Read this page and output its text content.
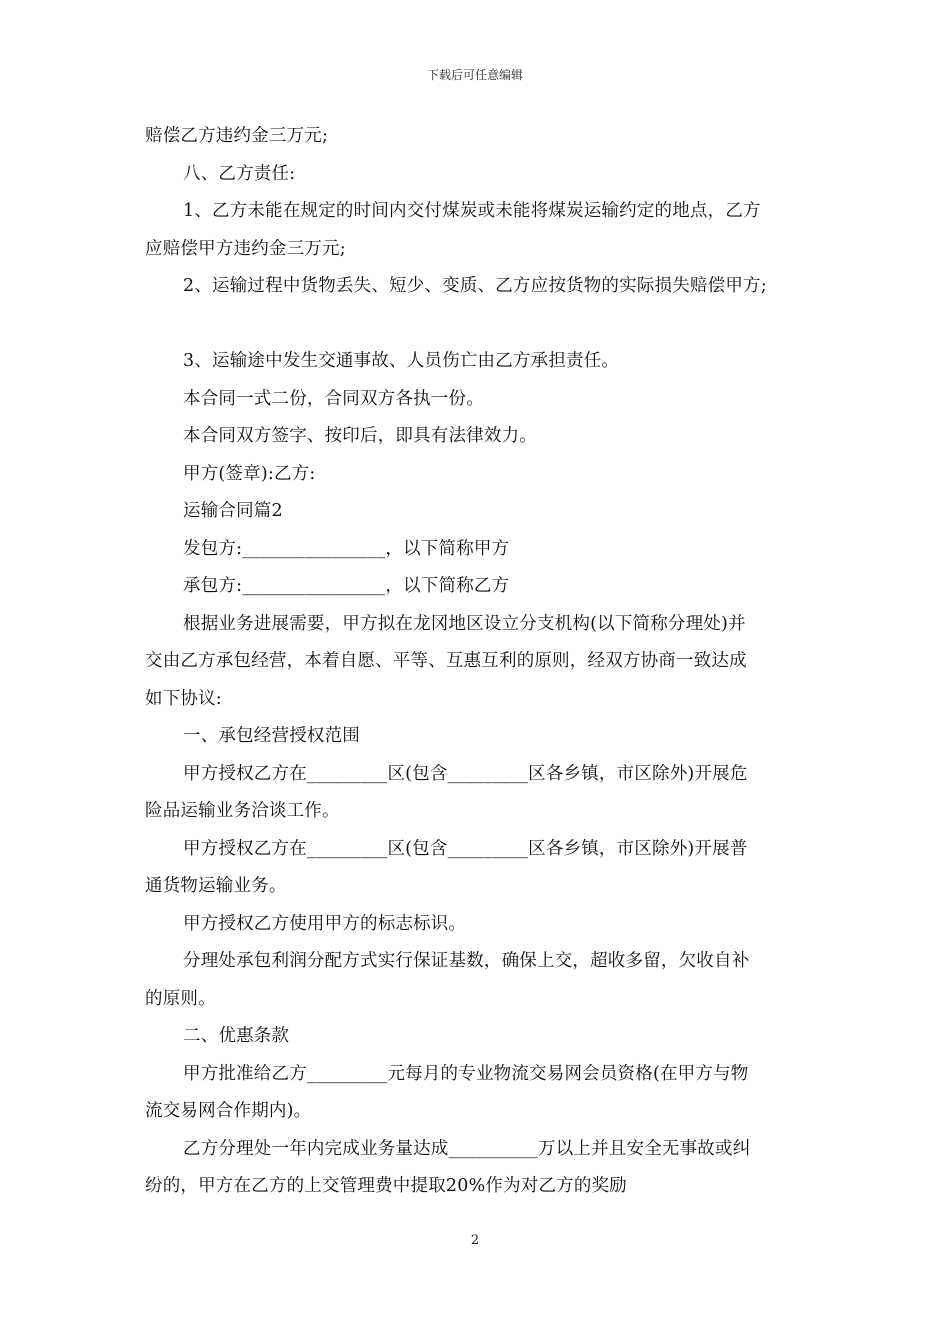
下载后可任意编辑
赔偿乙方违约金三万元;
八、乙方责任:
1、乙方未能在规定的时间内交付煤炭或未能将煤炭运输约定的地点，乙方
应赔偿甲方违约金三万元;
2、运输过程中货物丢失、短少、变质、乙方应按货物的实际损失赔偿甲方;
3、运输途中发生交通事故、人员伤亡由乙方承担责任。
本合同一式二份，合同双方各执一份。
本合同双方签字、按印后，即具有法律效力。
甲方(签章):乙方:
运输合同篇2
发包方:________________，以下简称甲方
承包方:________________，以下简称乙方
根据业务进展需要，甲方拟在龙冈地区设立分支机构(以下简称分理处)并
交由乙方承包经营，本着自愿、平等、互惠互利的原则，经双方协商一致达成
如下协议:
一、承包经营授权范围
甲方授权乙方在_________区(包含_________区各乡镇，市区除外)开展危
险品运输业务洽谈工作。
甲方授权乙方在_________区(包含_________区各乡镇，市区除外)开展普
通货物运输业务。
甲方授权乙方使用甲方的标志标识。
分理处承包利润分配方式实行保证基数，确保上交，超收多留，欠收自补
的原则。
二、优惠条款
甲方批准给乙方_________元每月的专业物流交易网会员资格(在甲方与物
流交易网合作期内)。
乙方分理处一年内完成业务量达成__________万以上并且安全无事故或纠
纷的，甲方在乙方的上交管理费中提取20%作为对乙方的奖励
2
